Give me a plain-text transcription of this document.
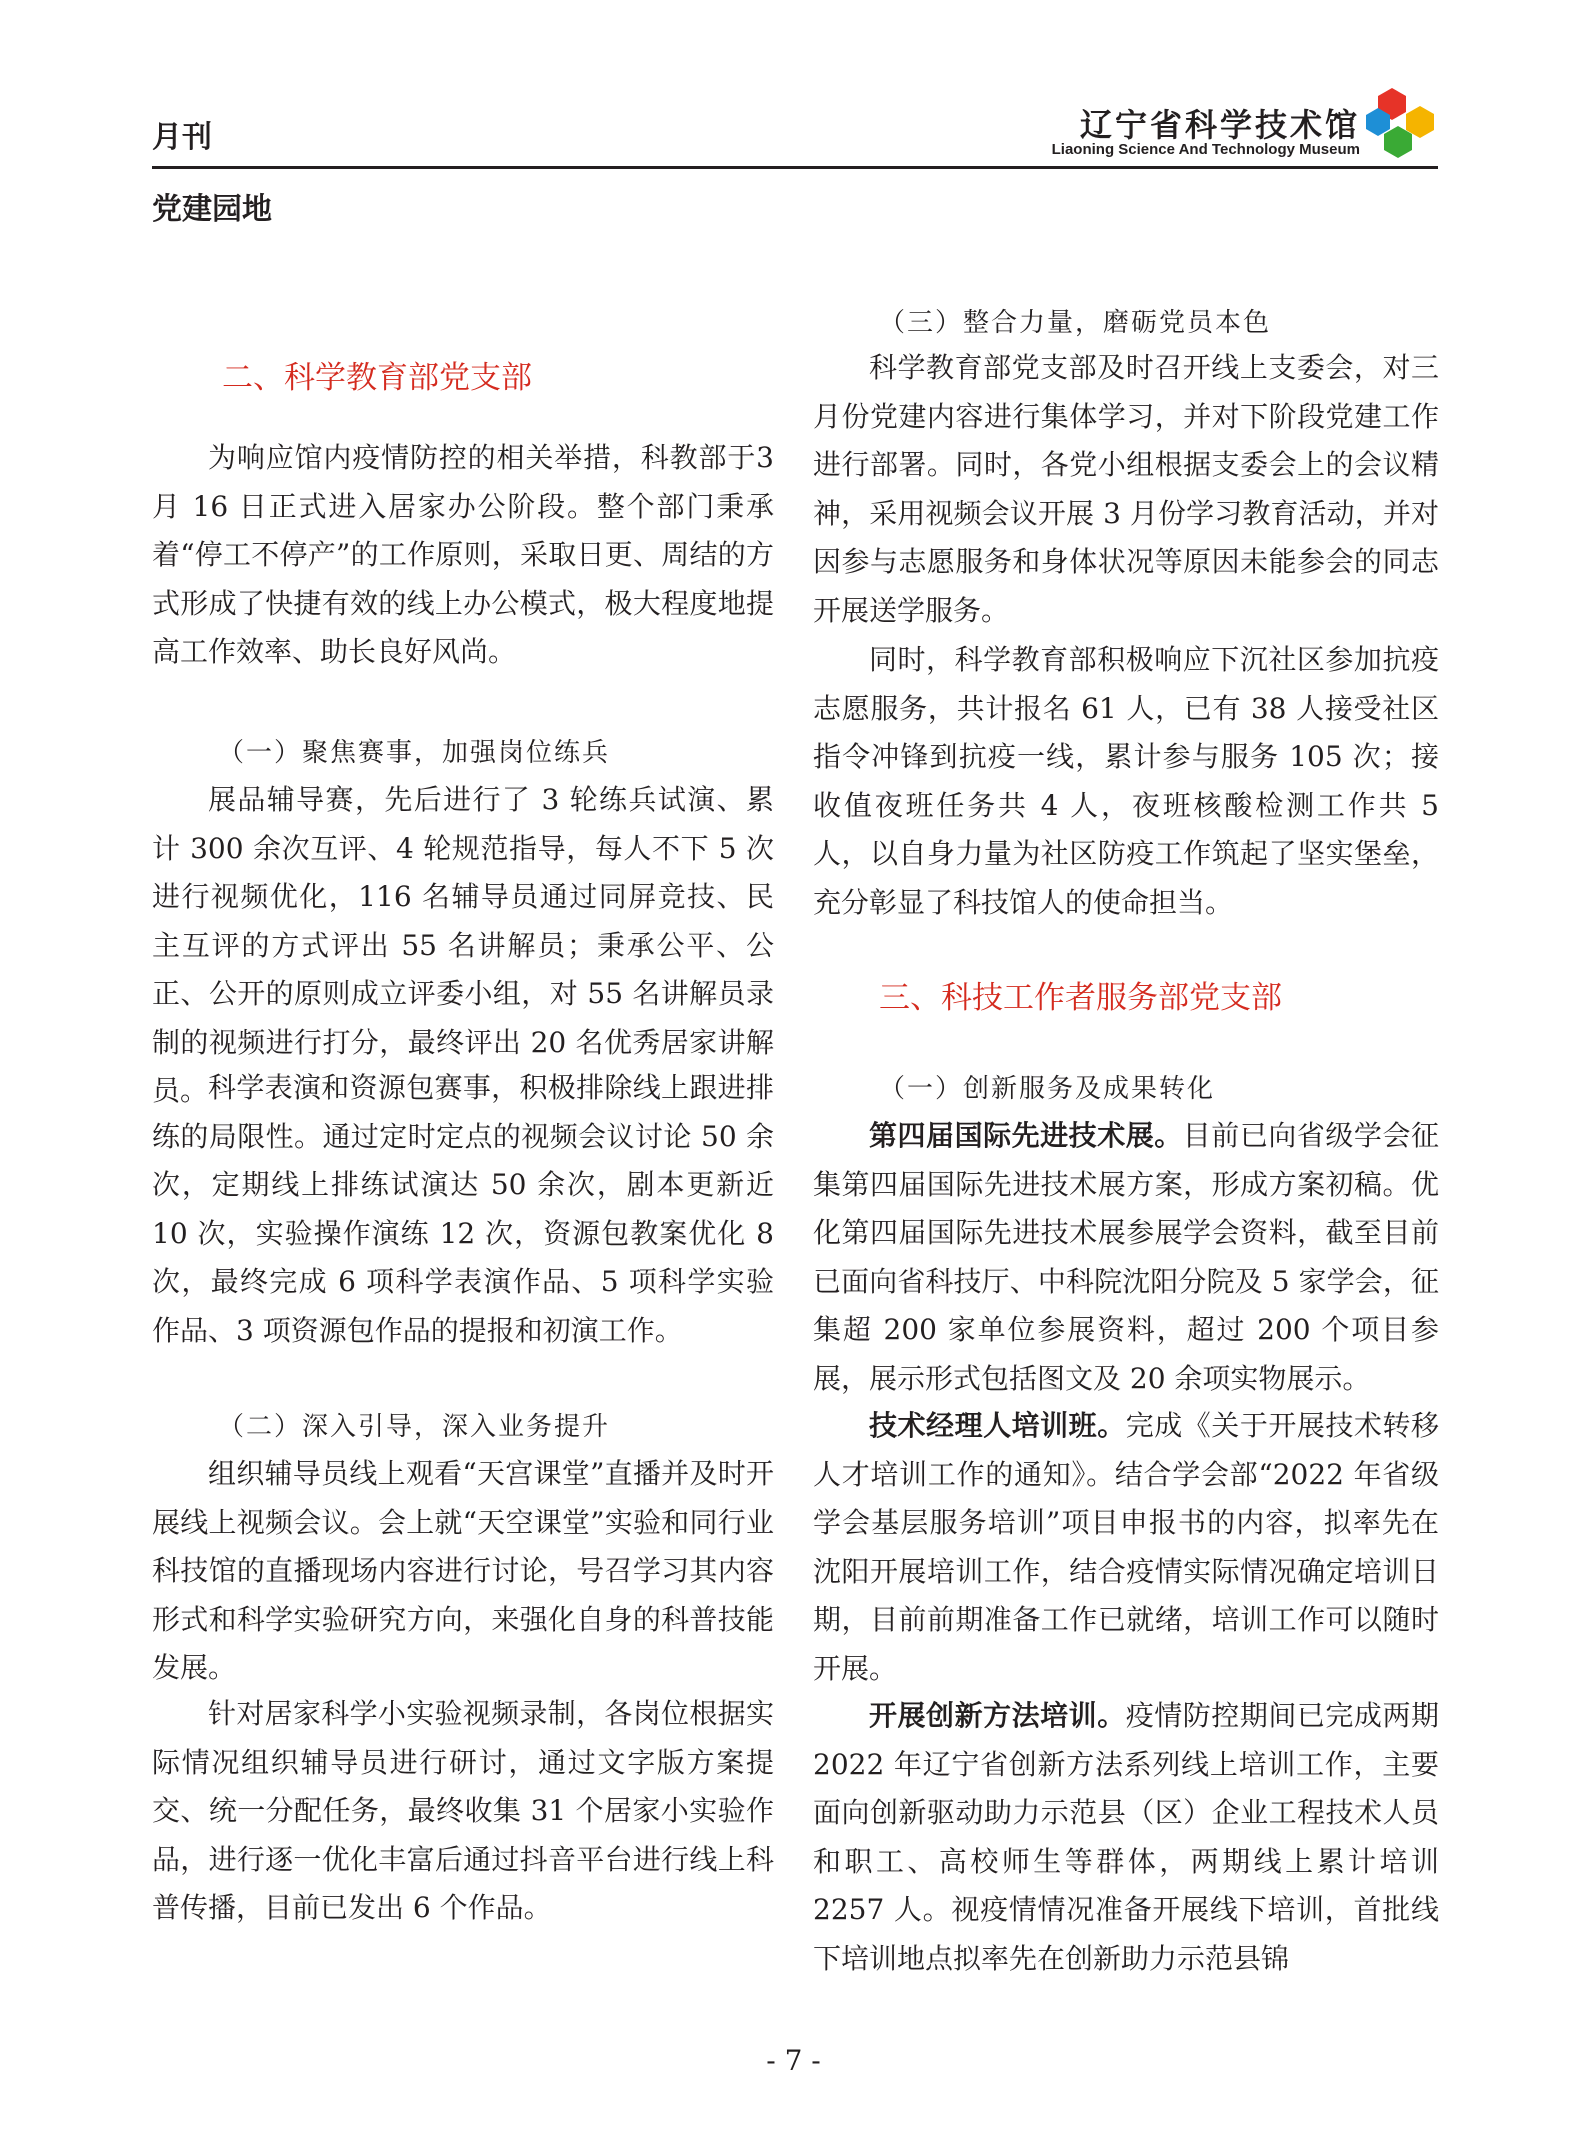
月刊	辽宁省科学技术馆
Liaoning Science And Technology Museum
党建园地
二、科学教育部党支部

为响应馆内疫情防控的相关举措，科教部于3 月 16 日正式进入居家办公阶段。整个部门秉承着“停工不停产”的工作原则，采取日更、周结的方式形成了快捷有效的线上办公模式，极大程度地提高工作效率、助长良好风尚。

（一）聚焦赛事，加强岗位练兵

展品辅导赛，先后进行了 3 轮练兵试演、累计 300 余次互评、4 轮规范指导，每人不下 5 次进行视频优化，116 名辅导员通过同屏竞技、民主互评的方式评出 55 名讲解员；秉承公平、公正、公开的原则成立评委小组，对 55 名讲解员录制的视频进行打分，最终评出 20 名优秀居家讲解员。 科学表演和资源包赛事，积极排除线上跟进排练的局限性。通过定时定点的视频会议讨论 50 余次，定期线上排练试演达 50 余次，剧本更新近 10 次，实验操作演练 12 次，资源包教案优化 8 次，最终完成 6 项科学表演作品、5 项科学实验作品、3 项资源包作品的提报和初演工作。

（二）深入引导，深入业务提升

组织辅导员线上观看“天宫课堂”直播并及时开展线上视频会议。会上就“天空课堂”实验和同行业科技馆的直播现场内容进行讨论，号召学习其内容形式和科学实验研究方向，来强化自身的科普技能发展。

针对居家科学小实验视频录制，各岗位根据实际情况组织辅导员进行研讨，通过文字版方案提交、统一分配任务，最终收集 31 个居家小实验作品，进行逐一优化丰富后通过抖音平台进行线上科普传播，目前已发出 6 个作品。

（三）整合力量，磨砺党员本色

科学教育部党支部及时召开线上支委会，对三月份党建内容进行集体学习，并对下阶段党建工作进行部署。同时，各党小组根据支委会上的会议精神，采用视频会议开展 3 月份学习教育活动，并对因参与志愿服务和身体状况等原因未能参会的同志开展送学服务。

同时，科学教育部积极响应下沉社区参加抗疫志愿服务，共计报名 61 人，已有 38 人接受社区指令冲锋到抗疫一线，累计参与服务 105 次；接收值夜班任务共 4 人，夜班核酸检测工作共 5 人，以自身力量为社区防疫工作筑起了坚实堡垒，充分彰显了科技馆人的使命担当。

三、科技工作者服务部党支部
（一）创新服务及成果转化

第四届国际先进技术展。目前已向省级学会征集第四届国际先进技术展方案，形成方案初稿。优化第四届国际先进技术展参展学会资料，截至目前已面向省科技厅、中科院沈阳分院及 5 家学会，征集超 200 家单位参展资料，超过 200 个项目参展，展示形式包括图文及 20 余项实物展示。

技术经理人培训班。完成《关于开展技术转移人才培训工作的通知》。结合学会部“2022 年省级学会基层服务培训”项目申报书的内容，拟率先在沈阳开展培训工作，结合疫情实际情况确定培训日期，目前前期准备工作已就绪，培训工作可以随时开展。

开展创新方法培训。疫情防控期间已完成两期 2022 年辽宁省创新方法系列线上培训工作，主要面向创新驱动助力示范县（区）企业工程技术人员和职工、高校师生等群体，两期线上累计培训 2257 人。视疫情情况准备开展线下培训，首批线下培训地点拟率先在创新助力示范县锦

- 7 -
